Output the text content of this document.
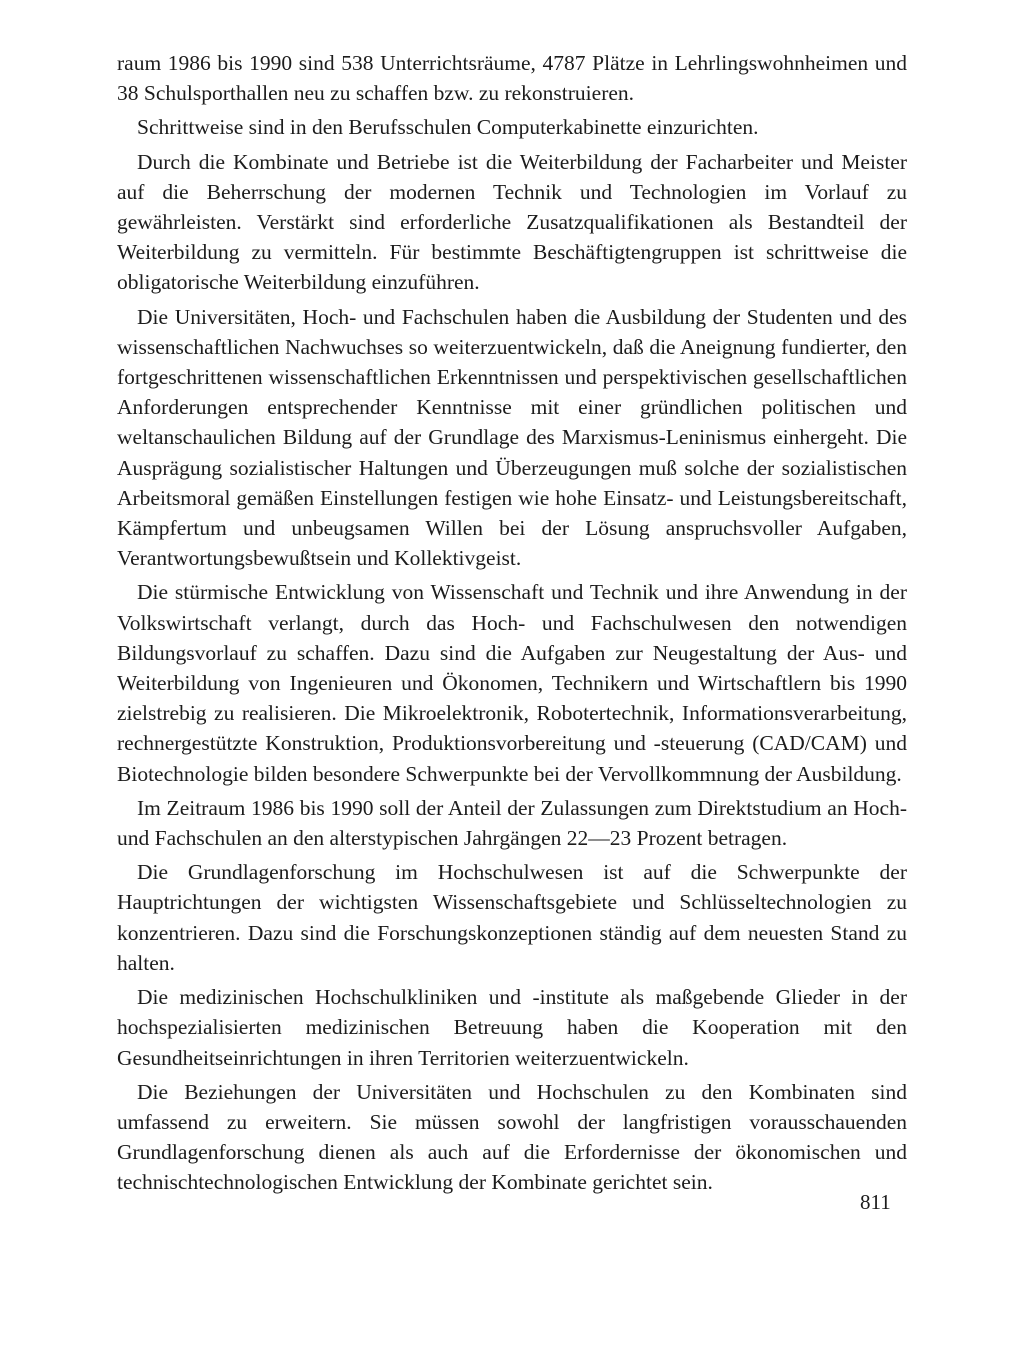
raum 1986 bis 1990 sind 538 Unterrichtsräume, 4787 Plätze in Lehrlingswohnheimen und 38 Schulsporthallen neu zu schaffen bzw. zu rekonstruieren.

Schrittweise sind in den Berufsschulen Computerkabinette einzurichten.

Durch die Kombinate und Betriebe ist die Weiterbildung der Facharbeiter und Meister auf die Beherrschung der modernen Technik und Technologien im Vorlauf zu gewährleisten. Verstärkt sind erforderliche Zusatzqualifikationen als Bestandteil der Weiterbildung zu vermitteln. Für bestimmte Beschäftigtengruppen ist schrittweise die obligatorische Weiterbildung einzuführen.

Die Universitäten, Hoch- und Fachschulen haben die Ausbildung der Studenten und des wissenschaftlichen Nachwuchses so weiterzuentwickeln, daß die Aneignung fundierter, den fortgeschrittenen wissenschaftlichen Erkenntnissen und perspektivischen gesellschaftlichen Anforderungen entsprechender Kenntnisse mit einer gründlichen politischen und weltanschaulichen Bildung auf der Grundlage des Marxismus-Leninismus einhergeht. Die Ausprägung sozialistischer Haltungen und Überzeugungen muß solche der sozialistischen Arbeitsmoral gemäßen Einstellungen festigen wie hohe Einsatz- und Leistungsbereitschaft, Kämpfertum und unbeugsamen Willen bei der Lösung anspruchsvoller Aufgaben, Verantwortungsbewußtsein und Kollektivgeist.

Die stürmische Entwicklung von Wissenschaft und Technik und ihre Anwendung in der Volkswirtschaft verlangt, durch das Hoch- und Fachschulwesen den notwendigen Bildungsvorlauf zu schaffen. Dazu sind die Aufgaben zur Neugestaltung der Aus- und Weiterbildung von Ingenieuren und Ökonomen, Technikern und Wirtschaftlern bis 1990 zielstrebig zu realisieren. Die Mikroelektronik, Robotertechnik, Informationsverarbeitung, rechnergestützte Konstruktion, Produktionsvorbereitung und -steuerung (CAD/CAM) und Biotechnologie bilden besondere Schwerpunkte bei der Vervollkommnung der Ausbildung.

Im Zeitraum 1986 bis 1990 soll der Anteil der Zulassungen zum Direktstudium an Hoch- und Fachschulen an den alterstypischen Jahrgängen 22—23 Prozent betragen.

Die Grundlagenforschung im Hochschulwesen ist auf die Schwerpunkte der Hauptrichtungen der wichtigsten Wissenschaftsgebiete und Schlüsseltechnologien zu konzentrieren. Dazu sind die Forschungskonzeptionen ständig auf dem neuesten Stand zu halten.

Die medizinischen Hochschulkliniken und -institute als maßgebende Glieder in der hochspezialisierten medizinischen Betreuung haben die Kooperation mit den Gesundheitseinrichtungen in ihren Territorien weiterzuentwickeln.

Die Beziehungen der Universitäten und Hochschulen zu den Kombinaten sind umfassend zu erweitern. Sie müssen sowohl der langfristigen vorausschauenden Grundlagenforschung dienen als auch auf die Erfordernisse der ökonomischen und technischtechnologischen Entwicklung der Kombinate gerichtet sein.

811
